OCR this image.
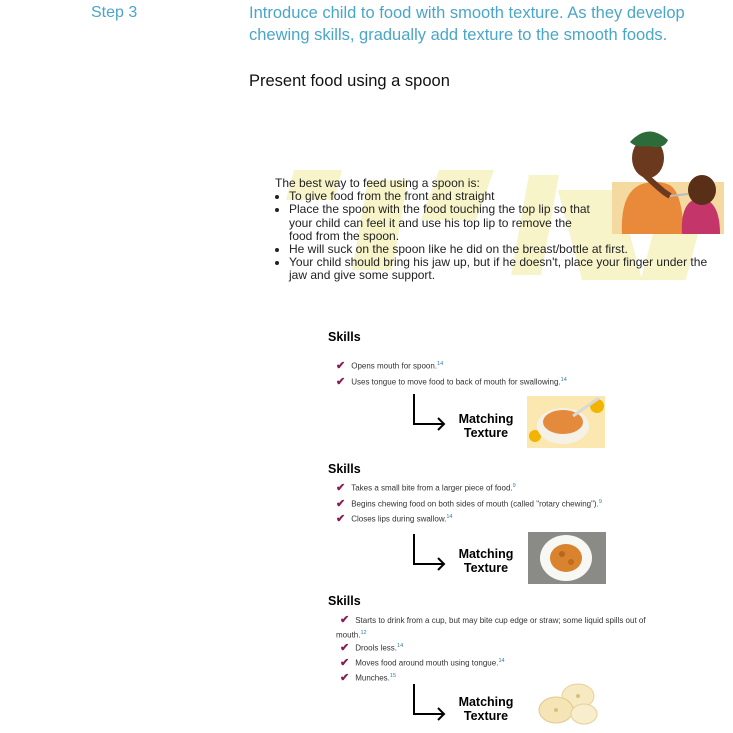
Step 3	Introduce child to food with smooth texture. As they develop chewing skills, gradually add texture to the smooth foods.
Present food using a spoon
The best way to feed using a spoon is:
• To give food from the front and straight
• Place the spoon with the food touching the top lip so that your child can feel it and use his top lip to remove the food from the spoon.
• He will suck on the spoon like he did on the breast/bottle at first.
• Your child should bring his jaw up, but if he doesn't, place your finger under the jaw and give some support.
Skills
✔ Opens mouth for spoon.$^{14}$
✔ Uses tongue to move food to back of mouth for swallowing.$^{14}$
Matching
Texture
Skills
✔ Takes a small bite from a larger piece of food.$^9$
✔ Begins chewing food on both sides of mouth (called "rotary chewing").$^9$
✔ Closes lips during swallow.$^{14}$
Matching
Texture
Skills
✔ Starts to drink from a cup, but may bite cup edge or straw; some liquid spills out of mouth.$^{12}$
✔ Drools less.$^{14}$
✔ Moves food around mouth using tongue.$^{14}$
✔ Munches.$^{15}$
Matching
Texture
